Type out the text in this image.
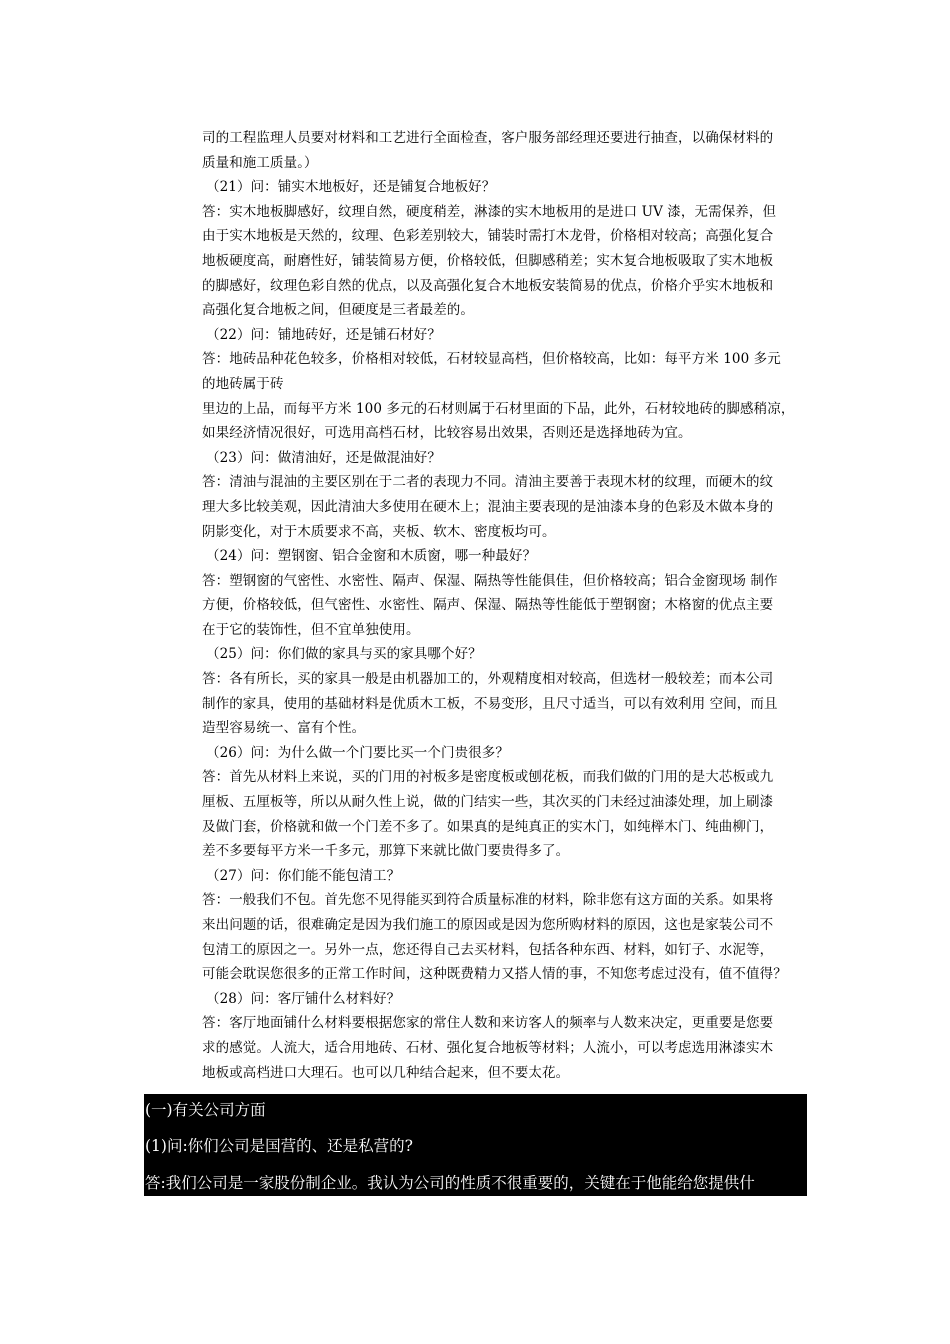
司的工程监理人员要对材料和工艺进行全面检查，客户服务部经理还要进行抽查，以确保材料的
质量和施工质量。）
（21）问：铺实木地板好，还是铺复合地板好？
答：实木地板脚感好，纹理自然，硬度稍差，淋漆的实木地板用的是进口 UV 漆，无需保养，但
由于实木地板是天然的，纹理、色彩差别较大，铺装时需打木龙骨，价格相对较高；高强化复合
地板硬度高，耐磨性好，铺装简易方便，价格较低，但脚感稍差；实木复合地板吸取了实木地板
的脚感好，纹理色彩自然的优点，以及高强化复合木地板安装简易的优点，价格介乎实木地板和
高强化复合地板之间，但硬度是三者最差的。
（22）问：铺地砖好，还是铺石材好？
答：地砖品种花色较多，价格相对较低，石材较显高档，但价格较高，比如：每平方米 100 多元
的地砖属于砖
里边的上品，而每平方米 100 多元的石材则属于石材里面的下品，此外，石材较地砖的脚感稍凉，
如果经济情况很好，可选用高档石材，比较容易出效果，否则还是选择地砖为宜。
（23）问：做清油好，还是做混油好？
答：清油与混油的主要区别在于二者的表现力不同。清油主要善于表现木材的纹理，而硬木的纹
理大多比较美观，因此清油大多使用在硬木上；混油主要表现的是油漆本身的色彩及木做本身的
阴影变化，对于木质要求不高，夹板、软木、密度板均可。
（24）问：塑钢窗、铝合金窗和木质窗，哪一种最好？
答：塑钢窗的气密性、水密性、隔声、保湿、隔热等性能俱佳，但价格较高；铝合金窗现场 制作
方便，价格较低，但气密性、水密性、隔声、保湿、隔热等性能低于塑钢窗；木格窗的优点主要
在于它的装饰性，但不宜单独使用。
（25）问：你们做的家具与买的家具哪个好？
答：各有所长，买的家具一般是由机器加工的，外观精度相对较高，但选材一般较差；而本公司
制作的家具，使用的基础材料是优质木工板，不易变形，且尺寸适当，可以有效利用 空间，而且
造型容易统一、富有个性。
（26）问：为什么做一个门要比买一个门贵很多？
答：首先从材料上来说，买的门用的衬板多是密度板或刨花板，而我们做的门用的是大芯板或九
厘板、五厘板等，所以从耐久性上说，做的门结实一些，其次买的门未经过油漆处理，加上刷漆
及做门套，价格就和做一个门差不多了。如果真的是纯真正的实木门，如纯榉木门、纯曲柳门，
差不多要每平方米一千多元，那算下来就比做门要贵得多了。
（27）问：你们能不能包清工？
答：一般我们不包。首先您不见得能买到符合质量标准的材料，除非您有这方面的关系。如果将
来出问题的话，很难确定是因为我们施工的原因或是因为您所购材料的原因，这也是家装公司不
包清工的原因之一。另外一点，您还得自己去买材料，包括各种东西、材料，如钉子、水泥等，
可能会耽误您很多的正常工作时间，这种既费精力又搭人情的事，不知您考虑过没有，值不值得？
（28）问：客厅铺什么材料好？
答：客厅地面铺什么材料要根据您家的常住人数和来访客人的频率与人数来决定，更重要是您要
求的感觉。人流大，适合用地砖、石材、强化复合地板等材料；人流小，可以考虑选用淋漆实木
地板或高档进口大理石。也可以几种结合起来，但不要太花。
(一)有关公司方面
(1)问:你们公司是国营的、还是私营的?
答:我们公司是一家股份制企业。我认为公司的性质不很重要的，关键在于他能给您提供什
